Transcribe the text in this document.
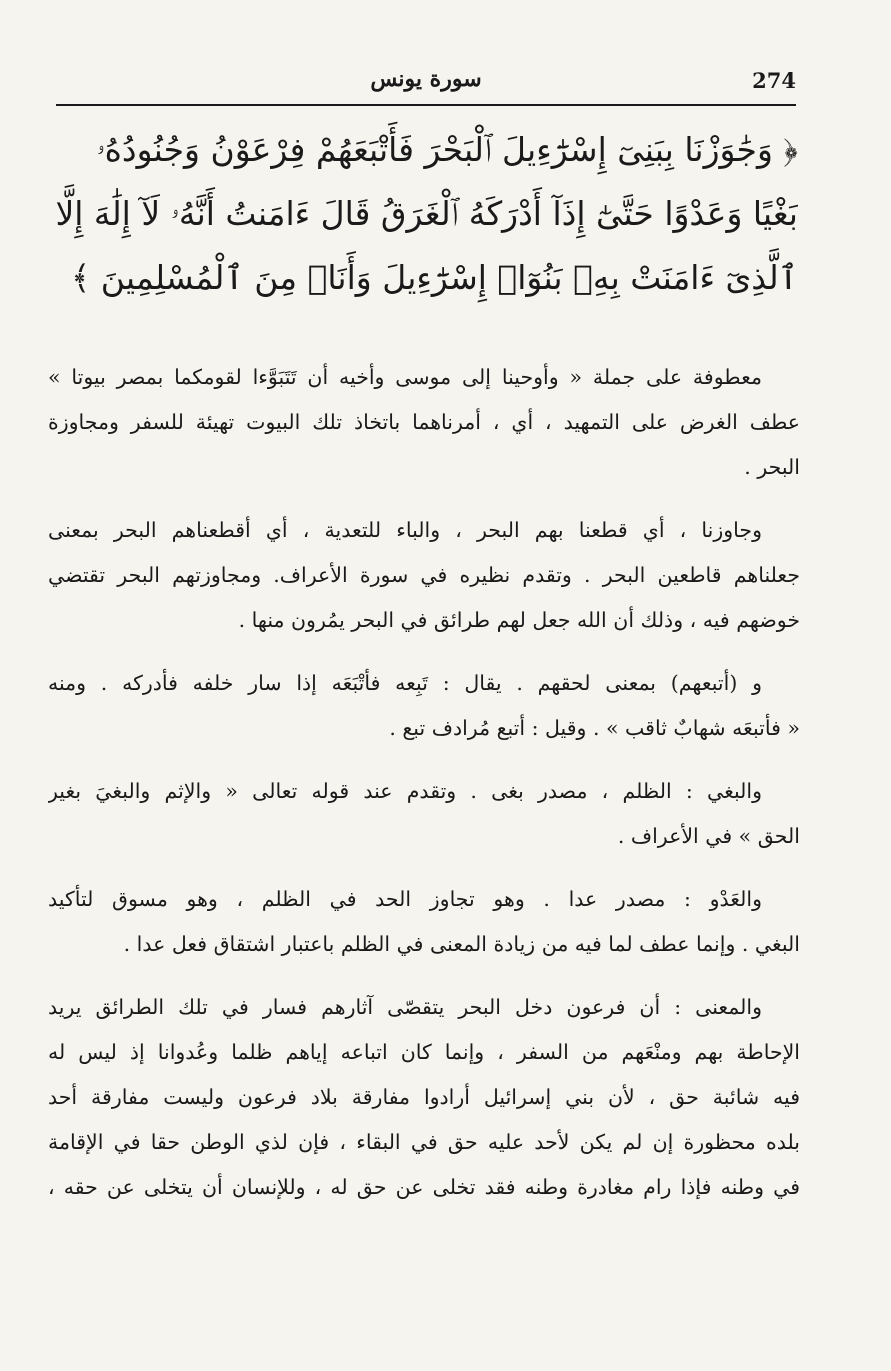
274
سورة يونس
﴿ وَجَٰوَزْنَا بِبَنِىٓ إِسْرَٰٓءِيلَ ٱلْبَحْرَ فَأَتْبَعَهُمْ فِرْعَوْنُ وَجُنُودُهُۥ
بَغْيًا وَعَدْوًا حَتَّىٰٓ إِذَآ أَدْرَكَهُ ٱلْغَرَقُ قَالَ ءَامَنتُ أَنَّهُۥ لَآ إِلَٰهَ إِلَّا
ٱلَّذِىٓ ءَامَنَتْ بِهِۦ بَنُوٓا۟ إِسْرَٰٓءِيلَ وَأَنَا۠ مِنَ ٱلْمُسْلِمِينَ ﴾
معطوفة على جملة « وأوحينا إلى موسى وأخيه أن تَتَبَوَّءا لقومكما بمصر بيوتا »
عطف الغرض على التمهيد ، أي ، أمرناهما باتخاذ تلك البيوت تهيئة للسفر ومجاوزة
البحر .
وجاوزنا ، أي قطعنا بهم البحر ، والباء للتعدية ، أي أقطعناهم البحر بمعنى
جعلناهم قاطعين البحر . وتقدم نظيره في سورة الأعراف. ومجاوزتهم البحر تقتضي
خوضهم فيه ، وذلك أن الله جعل لهم طرائق في البحر يمُرون منها .
و (أتبعهم) بمعنى لحقهم . يقال : تَبِعه فأتْبَعَه إذا سار خلفه فأدركه . ومنه
« فأتبعَه شهابٌ ثاقب » . وقيل : أتبع مُرادف تبع .
والبغي : الظلم ، مصدر بغى . وتقدم عند قوله تعالى « والإثم والبغيَ بغير
الحق » في الأعراف .
والعَدْو : مصدر عدا . وهو تجاوز الحد في الظلم ، وهو مسوق لتأكيد
البغي . وإنما عطف لما فيه من زيادة المعنى في الظلم باعتبار اشتقاق فعل عدا .
والمعنى : أن فرعون دخل البحر يتقصّى آثارهم فسار في تلك الطرائق يريد
الإحاطة بهم ومنْعَهم من السفر ، وإنما كان اتباعه إياهم ظلما وعُدوانا إذ ليس له
فيه شائبة حق ، لأن بني إسرائيل أرادوا مفارقة بلاد فرعون وليست مفارقة أحد
بلده محظورة إن لم يكن لأحد عليه حق في البقاء ، فإن لذي الوطن حقا في الإقامة
في وطنه فإذا رام مغادرة وطنه فقد تخلى عن حق له ، وللإنسان أن يتخلى عن حقه ،
